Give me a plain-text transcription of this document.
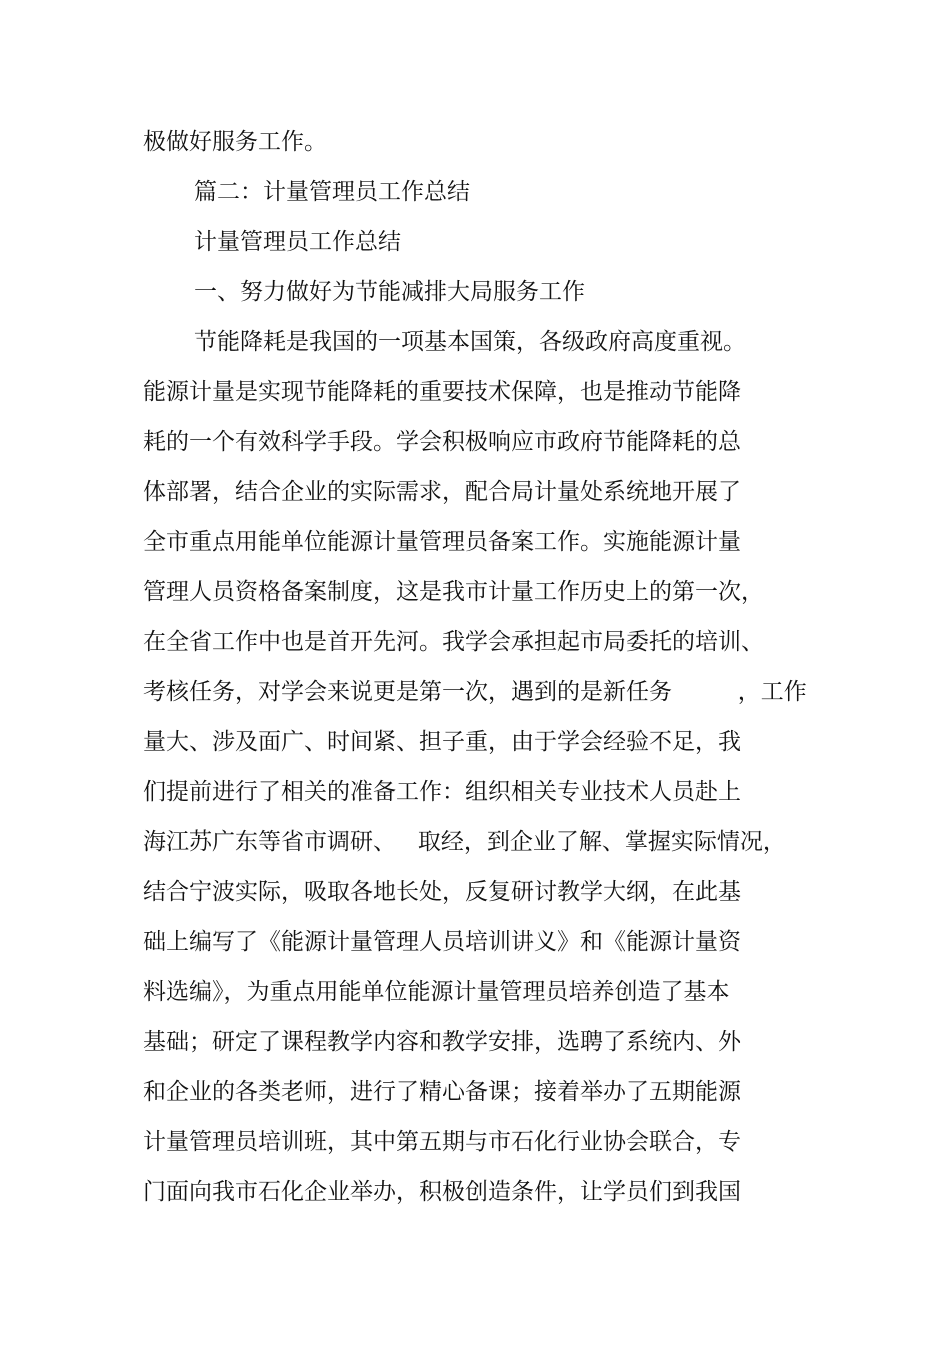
极做好服务工作。
篇二：计量管理员工作总结
计量管理员工作总结
一、努力做好为节能减排大局服务工作
节能降耗是我国的一项基本国策，各级政府高度重视。
能源计量是实现节能降耗的重要技术保障，也是推动节能降
耗的一个有效科学手段。学会积极响应市政府节能降耗的总
体部署，结合企业的实际需求，配合局计量处系统地开展了
全市重点用能单位能源计量管理员备案工作。实施能源计量
管理人员资格备案制度，这是我市计量工作历史上的第一次，
在全省工作中也是首开先河。我学会承担起市局委托的培训、
考核任务，对学会来说更是第一次，遇到的是新任务         ，工作
量大、涉及面广、时间紧、担子重，由于学会经验不足，我
们提前进行了相关的准备工作：组织相关专业技术人员赴上
海江苏广东等省市调研、   取经，到企业了解、掌握实际情况，
结合宁波实际，吸取各地长处，反复研讨教学大纲，在此基
础上编写了《能源计量管理人员培训讲义》和《能源计量资
料选编》，为重点用能单位能源计量管理员培养创造了基本
基础；研定了课程教学内容和教学安排，选聘了系统内、外
和企业的各类老师，进行了精心备课；接着举办了五期能源
计量管理员培训班，其中第五期与市石化行业协会联合，专
门面向我市石化企业举办，积极创造条件，让学员们到我国
